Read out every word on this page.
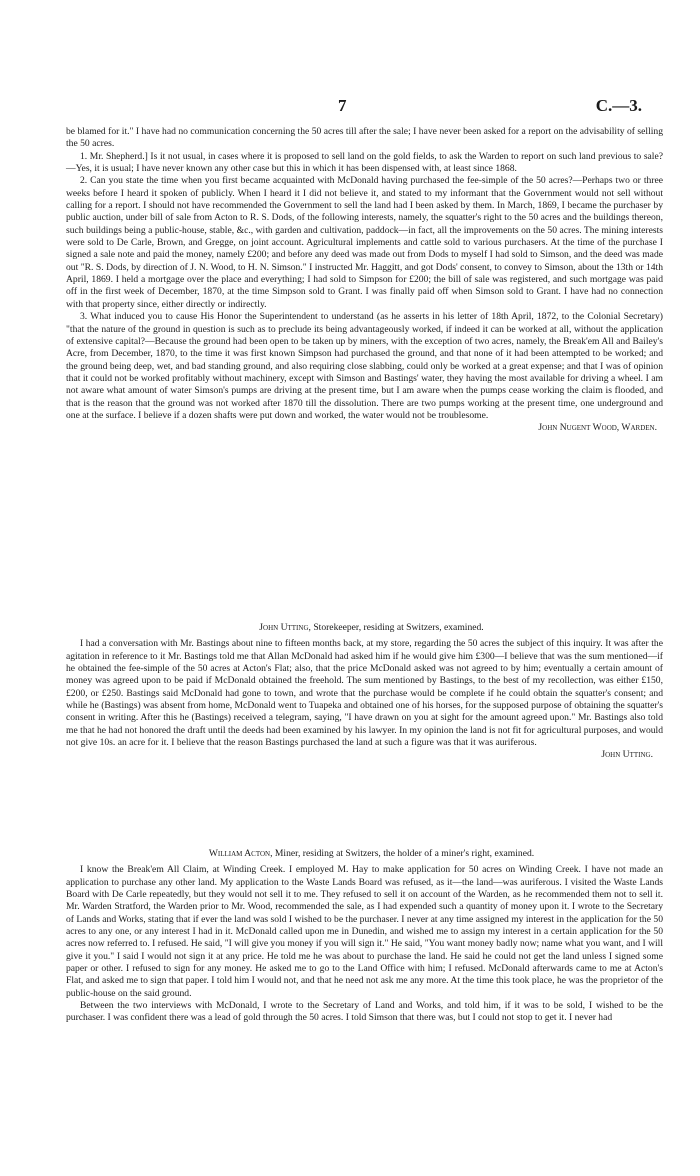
7	C.—3.

be blamed for it." I have had no communication concerning the 50 acres till after the sale; I have never been asked for a report on the advisability of selling the 50 acres.

1. Mr. Shepherd.] Is it not usual, in cases where it is proposed to sell land on the gold fields, to ask the Warden to report on such land previous to sale?—Yes, it is usual; I have never known any other case but this in which it has been dispensed with, at least since 1868.

2. Can you state the time when you first became acquainted with McDonald having purchased the fee-simple of the 50 acres?—Perhaps two or three weeks before I heard it spoken of publicly. When I heard it I did not believe it, and stated to my informant that the Government would not sell without calling for a report. I should not have recommended the Government to sell the land had I been asked by them. In March, 1869, I became the purchaser by public auction, under bill of sale from Acton to R. S. Dods, of the following interests, namely, the squatter's right to the 50 acres and the buildings thereon, such buildings being a public-house, stable, &c., with garden and cultivation, paddock—in fact, all the improvements on the 50 acres. The mining interests were sold to De Carle, Brown, and Gregge, on joint account. Agricultural implements and cattle sold to various purchasers. At the time of the purchase I signed a sale note and paid the money, namely £200; and before any deed was made out from Dods to myself I had sold to Simson, and the deed was made out "R. S. Dods, by direction of J. N. Wood, to H. N. Simson." I instructed Mr. Haggitt, and got Dods' consent, to convey to Simson, about the 13th or 14th April, 1869. I held a mortgage over the place and everything; I had sold to Simpson for £200; the bill of sale was registered, and such mortgage was paid off in the first week of December, 1870, at the time Simpson sold to Grant. I was finally paid off when Simson sold to Grant. I have had no connection with that property since, either directly or indirectly.

3. What induced you to cause His Honor the Superintendent to understand (as he asserts in his letter of 18th April, 1872, to the Colonial Secretary) "that the nature of the ground in question is such as to preclude its being advantageously worked, if indeed it can be worked at all, without the application of extensive capital?—Because the ground had been open to be taken up by miners, with the exception of two acres, namely, the Break'em All and Bailey's Acre, from December, 1870, to the time it was first known Simpson had purchased the ground, and that none of it had been attempted to be worked; and the ground being deep, wet, and bad standing ground, and also requiring close slabbing, could only be worked at a great expense; and that I was of opinion that it could not be worked profitably without machinery, except with Simson and Bastings' water, they having the most available for driving a wheel. I am not aware what amount of water Simson's pumps are driving at the present time, but I am aware when the pumps cease working the claim is flooded, and that is the reason that the ground was not worked after 1870 till the dissolution. There are two pumps working at the present time, one underground and one at the surface. I believe if a dozen shafts were put down and worked, the water would not be troublesome.

John Nugent Wood, Warden.

John Utting, Storekeeper, residing at Switzers, examined.

I had a conversation with Mr. Bastings about nine to fifteen months back, at my store, regarding the 50 acres the subject of this inquiry. It was after the agitation in reference to it Mr. Bastings told me that Allan McDonald had asked him if he would give him £300—I believe that was the sum mentioned—if he obtained the fee-simple of the 50 acres at Acton's Flat; also, that the price McDonald asked was not agreed to by him; eventually a certain amount of money was agreed upon to be paid if McDonald obtained the freehold. The sum mentioned by Bastings, to the best of my recollection, was either £150, £200, or £250. Bastings said McDonald had gone to town, and wrote that the purchase would be complete if he could obtain the squatter's consent; and while he (Bastings) was absent from home, McDonald went to Tuapeka and obtained one of his horses, for the supposed purpose of obtaining the squatter's consent in writing. After this he (Bastings) received a telegram, saying, "I have drawn on you at sight for the amount agreed upon." Mr. Bastings also told me that he had not honored the draft until the deeds had been examined by his lawyer. In my opinion the land is not fit for agricultural purposes, and would not give 10s. an acre for it. I believe that the reason Bastings purchased the land at such a figure was that it was auriferous.

John Utting.

William Acton, Miner, residing at Switzers, the holder of a miner's right, examined.

I know the Break'em All Claim, at Winding Creek. I employed M. Hay to make application for 50 acres on Winding Creek. I have not made an application to purchase any other land. My application to the Waste Lands Board was refused, as it—the land—was auriferous. I visited the Waste Lands Board with De Carle repeatedly, but they would not sell it to me. They refused to sell it on account of the Warden, as he recommended them not to sell it. Mr. Warden Stratford, the Warden prior to Mr. Wood, recommended the sale, as I had expended such a quantity of money upon it. I wrote to the Secretary of Lands and Works, stating that if ever the land was sold I wished to be the purchaser. I never at any time assigned my interest in the application for the 50 acres to any one, or any interest I had in it. McDonald called upon me in Dunedin, and wished me to assign my interest in a certain application for the 50 acres now referred to. I refused. He said, "I will give you money if you will sign it." He said, "You want money badly now; name what you want, and I will give it you." I said I would not sign it at any price. He told me he was about to purchase the land. He said he could not get the land unless I signed some paper or other. I refused to sign for any money. He asked me to go to the Land Office with him; I refused. McDonald afterwards came to me at Acton's Flat, and asked me to sign that paper. I told him I would not, and that he need not ask me any more. At the time this took place, he was the proprietor of the public-house on the said ground.

Between the two interviews with McDonald, I wrote to the Secretary of Land and Works, and told him, if it was to be sold, I wished to be the purchaser. I was confident there was a lead of gold through the 50 acres. I told Simson that there was, but I could not stop to get it. I never had
